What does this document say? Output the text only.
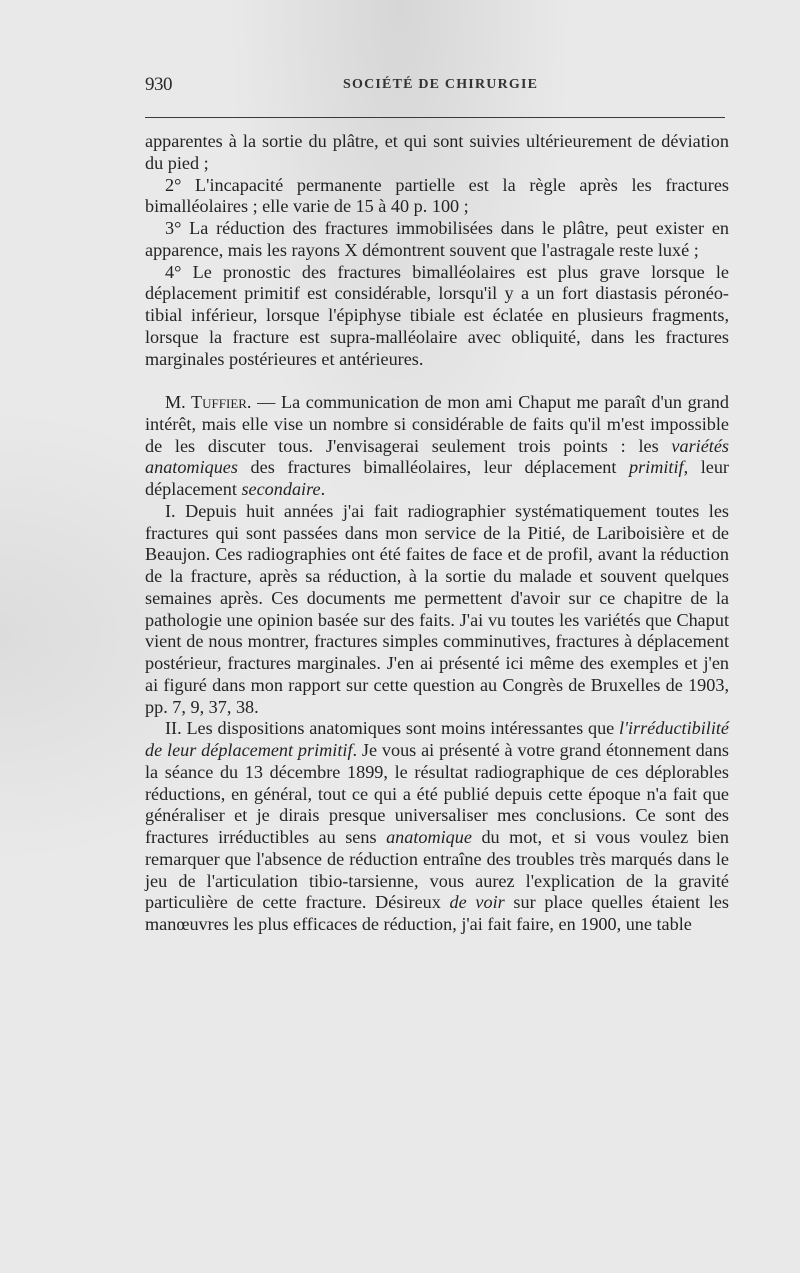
930	SOCIÉTÉ DE CHIRURGIE

apparentes à la sortie du plâtre, et qui sont suivies ultérieurement de déviation du pied ;

2° L'incapacité permanente partielle est la règle après les fractures bimalléolaires ; elle varie de 15 à 40 p. 100 ;

3° La réduction des fractures immobilisées dans le plâtre, peut exister en apparence, mais les rayons X démontrent souvent que l'astragale reste luxé ;

4° Le pronostic des fractures bimalléolaires est plus grave lorsque le déplacement primitif est considérable, lorsqu'il y a un fort diastasis péronéo-tibial inférieur, lorsque l'épiphyse tibiale est éclatée en plusieurs fragments, lorsque la fracture est supra-malléolaire avec obliquité, dans les fractures marginales postérieures et antérieures.

M. Tuffier. — La communication de mon ami Chaput me paraît d'un grand intérêt, mais elle vise un nombre si considérable de faits qu'il m'est impossible de les discuter tous. J'envisagerai seulement trois points : les variétés anatomiques des fractures bimalléolaires, leur déplacement primitif, leur déplacement secondaire.

I. Depuis huit années j'ai fait radiographier systématiquement toutes les fractures qui sont passées dans mon service de la Pitié, de Lariboisière et de Beaujon. Ces radiographies ont été faites de face et de profil, avant la réduction de la fracture, après sa réduction, à la sortie du malade et souvent quelques semaines après. Ces documents me permettent d'avoir sur ce chapitre de la pathologie une opinion basée sur des faits. J'ai vu toutes les variétés que Chaput vient de nous montrer, fractures simples comminutives, fractures à déplacement postérieur, fractures marginales. J'en ai présenté ici même des exemples et j'en ai figuré dans mon rapport sur cette question au Congrès de Bruxelles de 1903, pp. 7, 9, 37, 38.

II. Les dispositions anatomiques sont moins intéressantes que l'irréductibilité de leur déplacement primitif. Je vous ai présenté à votre grand étonnement dans la séance du 13 décembre 1899, le résultat radiographique de ces déplorables réductions, en général, tout ce qui a été publié depuis cette époque n'a fait que généraliser et je dirais presque universaliser mes conclusions. Ce sont des fractures irréductibles au sens anatomique du mot, et si vous voulez bien remarquer que l'absence de réduction entraîne des troubles très marqués dans le jeu de l'articulation tibio-tarsienne, vous aurez l'explication de la gravité particulière de cette fracture. Désireux de voir sur place quelles étaient les manœuvres les plus efficaces de réduction, j'ai fait faire, en 1900, une table
